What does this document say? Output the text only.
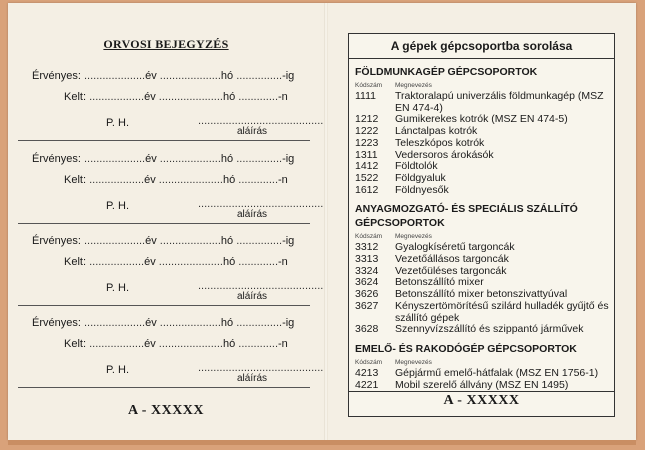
ORVOSI BEJEGYZÉS
Érvényes: ....................év ....................hó ...............-ig
Kelt: ..................év .....................hó .............-n
P. H.	.........................................
aláírás
Érvényes: ....................év ....................hó ...............-ig
Kelt: ..................év .....................hó .............-n
P. H.	.........................................
aláírás
Érvényes: ....................év ....................hó ...............-ig
Kelt: ..................év .....................hó .............-n
P. H.	.........................................
aláírás
Érvényes: ....................év ....................hó ...............-ig
Kelt: ..................év .....................hó .............-n
P. H.	.........................................
aláírás
A - XXXXX
A gépek gépcsoportba sorolása
FÖLDMUNKAGÉP GÉPCSOPORTOK
Kódszám Megnevezés
1111	Traktoralapú univerzális földmunkagép (MSZ EN 474-4)
1212	Gumikerekes kotrók (MSZ EN 474-5)
1222	Lánctalpas kotrók
1223	Teleszkópos kotrók
1311	Vedersoros árokásók
1412	Földtolók
1522	Földgyaluk
1612	Földnyesők
ANYAGMOZGATÓ- ÉS SPECIÁLIS SZÁLLÍTÓ GÉPCSOPORTOK
Kódszám Megnevezés
3312	Gyalogkíséretű targoncák
3313	Vezetőállásos targoncák
3324	Vezetőüléses targoncák
3624	Betonszállító mixer
3626	Betonszállító mixer betonszivattyúval
3627	Kényszertömörítésű szilárd hulladék gyűjtő és szállító gépek
3628	Szennyvízszállító és szippantó járművek
EMELŐ- ÉS RAKODÓGÉP GÉPCSOPORTOK
Kódszám Megnevezés
4213	Gépjármű emelő-hátfalak (MSZ EN 1756-1)
4221	Mobil szerelő állvány (MSZ EN 1495)
A - XXXXX
